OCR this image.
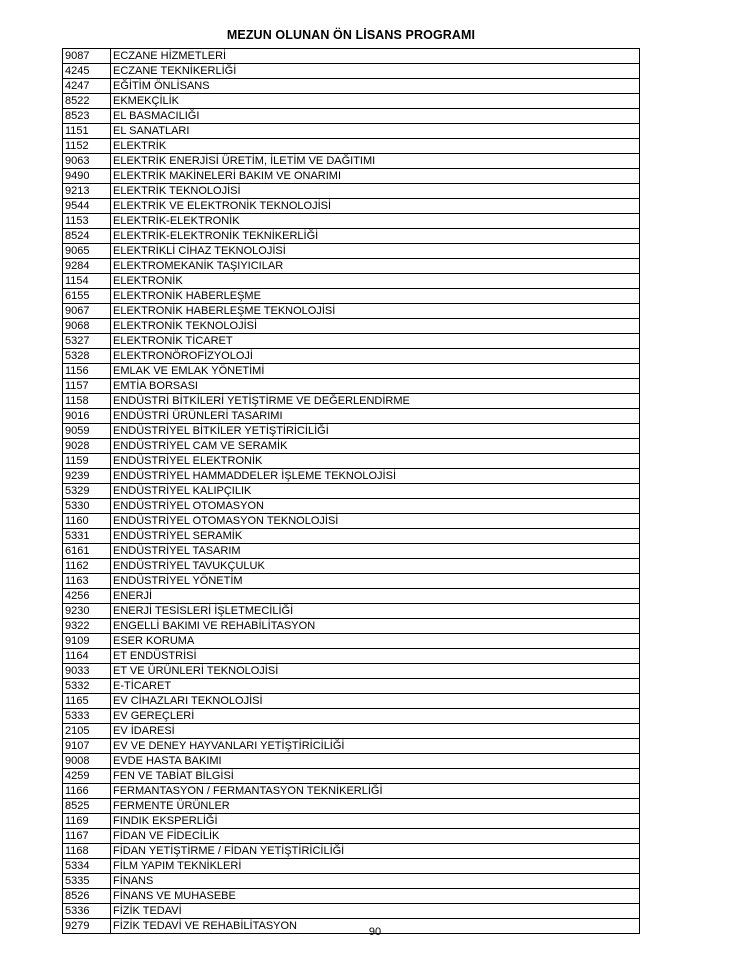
MEZUN OLUNAN ÖN LİSANS PROGRAMI
9087	ECZANE HİZMETLERİ
4245	ECZANE TEKNİKERLİĞİ
4247	EĞİTİM ÖNLİSANS
8522	EKMEKÇİLİK
8523	EL BASMACILIĞI
1151	EL SANATLARI
1152	ELEKTRİK
9063	ELEKTRİK ENERJİSİ ÜRETİM, İLETİM VE DAĞITIMI
9490	ELEKTRİK MAKİNELERİ BAKIM VE ONARIMI
9213	ELEKTRİK TEKNOLOJİSİ
9544	ELEKTRİK VE ELEKTRONİK TEKNOLOJİSİ
1153	ELEKTRİK-ELEKTRONİK
8524	ELEKTRİK-ELEKTRONİK TEKNİKERLİĞİ
9065	ELEKTRİKLİ CİHAZ TEKNOLOJİSİ
9284	ELEKTROMEKANİK TAŞIYICILAR
1154	ELEKTRONİK
6155	ELEKTRONİK HABERLEŞME
9067	ELEKTRONİK HABERLEŞME TEKNOLOJİSİ
9068	ELEKTRONİK TEKNOLOJİSİ
5327	ELEKTRONİK TİCARET
5328	ELEKTRONÖROFİZYOLOJİ
1156	EMLAK VE EMLAK YÖNETİMİ
1157	EMTİA BORSASI
1158	ENDÜSTRİ BİTKİLERİ YETİŞTİRME VE DEĞERLENDİRME
9016	ENDÜSTRİ ÜRÜNLERİ TASARIMI
9059	ENDÜSTRİYEL BİTKİLER YETİŞTİRİCİLİĞİ
9028	ENDÜSTRİYEL CAM VE SERAMİK
1159	ENDÜSTRİYEL ELEKTRONİK
9239	ENDÜSTRİYEL HAMMADDELER İŞLEME TEKNOLOJİSİ
5329	ENDÜSTRİYEL KALIPÇILIK
5330	ENDÜSTRİYEL OTOMASYON
1160	ENDÜSTRİYEL OTOMASYON TEKNOLOJİSİ
5331	ENDÜSTRİYEL SERAMİK
6161	ENDÜSTRİYEL TASARIM
1162	ENDÜSTRİYEL TAVUKÇULUK
1163	ENDÜSTRİYEL YÖNETİM
4256	ENERJİ
9230	ENERJİ TESİSLERİ İŞLETMECİLİĞİ
9322	ENGELLİ BAKIMI VE REHABİLİTASYON
9109	ESER KORUMA
1164	ET ENDÜSTRİSİ
9033	ET VE ÜRÜNLERİ TEKNOLOJİSİ
5332	E-TİCARET
1165	EV CİHAZLARI TEKNOLOJİSİ
5333	EV GEREÇLERİ
2105	EV İDARESİ
9107	EV VE DENEY HAYVANLARI YETİŞTİRİCİLİĞİ
9008	EVDE HASTA BAKIMI
4259	FEN VE TABİAT BİLGİSİ
1166	FERMANTASYON / FERMANTASYON TEKNİKERLİĞİ
8525	FERMENTE ÜRÜNLER
1169	FINDIK EKSPERLİĞİ
1167	FİDAN VE FİDECİLİK
1168	FİDAN YETİŞTİRME / FİDAN YETİŞTİRİCİLİĞİ
5334	FİLM YAPIM TEKNİKLERİ
5335	FİNANS
8526	FİNANS VE MUHASEBE
5336	FİZİK TEDAVİ
9279	FİZİK TEDAVİ VE REHABİLİTASYON	90
